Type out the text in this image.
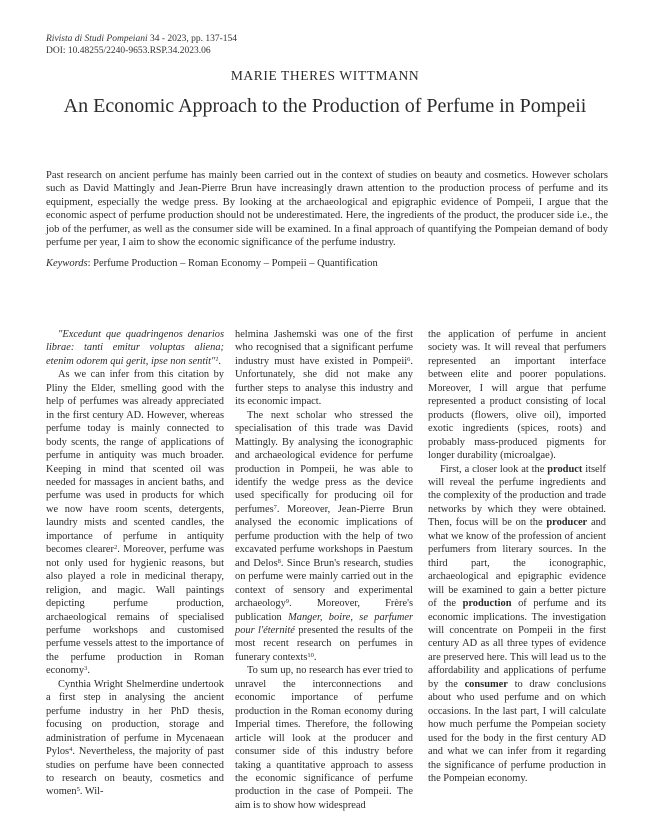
Rivista di Studi Pompeiani 34 - 2023, pp. 137-154
DOI: 10.48255/2240-9653.RSP.34.2023.06
MARIE THERES WITTMANN
An Economic Approach to the Production of Perfume in Pompeii
Past research on ancient perfume has mainly been carried out in the context of studies on beauty and cosmetics. However scholars such as David Mattingly and Jean-Pierre Brun have increasingly drawn attention to the production process of perfume and its equipment, especially the wedge press. By looking at the archaeological and epigraphic evidence of Pompeii, I argue that the economic aspect of perfume production should not be underestimated. Here, the ingredients of the product, the producer side i.e., the job of the perfumer, as well as the consumer side will be examined. In a final approach of quantifying the Pompeian demand of body perfume per year, I aim to show the economic significance of the perfume industry.
Keywords: Perfume Production – Roman Economy – Pompeii – Quantification

"Excedunt que quadringenos denarios librae: tanti emitur voluptas aliena; etenim odorem qui gerit, ipse non sentit"$^1$.

As we can infer from this citation by Pliny the Elder, smelling good with the help of perfumes was already appreciated in the first century AD. However, whereas perfume today is mainly connected to body scents, the range of applications of perfume in antiquity was much broader. Keeping in mind that scented oil was needed for massages in ancient baths, and perfume was used in products for which we now have room scents, detergents, laundry mists and scented candles, the importance of perfume in antiquity becomes clearer$^2$. Moreover, perfume was not only used for hygienic reasons, but also played a role in medicinal therapy, religion, and magic. Wall paintings depicting perfume production, archaeological remains of specialised perfume workshops and customised perfume vessels attest to the importance of the perfume production in Roman economy$^3$.

Cynthia Wright Shelmerdine undertook a first step in analysing the ancient perfume industry in her PhD thesis, focusing on production, storage and administration of perfume in Mycenaean Pylos$^4$. Nevertheless, the majority of past studies on perfume have been connected to research on beauty, cosmetics and women$^5$. Wil-

helmina Jashemski was one of the first who recognised that a significant perfume industry must have existed in Pompeii$^6$. Unfortunately, she did not make any further steps to analyse this industry and its economic impact.

The next scholar who stressed the specialisation of this trade was David Mattingly. By analysing the iconographic and archaeological evidence for perfume production in Pompeii, he was able to identify the wedge press as the device used specifically for producing oil for perfumes$^7$. Moreover, Jean-Pierre Brun analysed the economic implications of perfume production with the help of two excavated perfume workshops in Paestum and Delos$^8$. Since Brun's research, studies on perfume were mainly carried out in the context of sensory and experimental archaeology$^9$. Moreover, Frère's publication Manger, boire, se parfumer pour l'éternité presented the results of the most recent research on perfumes in funerary contexts$^{10}$.

To sum up, no research has ever tried to unravel the interconnections and economic importance of perfume production in the Roman economy during Imperial times. Therefore, the following article will look at the producer and consumer side of this industry before taking a quantitative approach to assess the economic significance of perfume production in the case of Pompeii. The aim is to show how widespread

the application of perfume in ancient society was. It will reveal that perfumers represented an important interface between elite and poorer populations. Moreover, I will argue that perfume represented a product consisting of local products (flowers, olive oil), imported exotic ingredients (spices, roots) and probably mass-produced pigments for longer durability (microalgae).

First, a closer look at the product itself will reveal the perfume ingredients and the complexity of the production and trade networks by which they were obtained. Then, focus will be on the producer and what we know of the profession of ancient perfumers from literary sources. In the third part, the iconographic, archaeological and epigraphic evidence will be examined to gain a better picture of the production of perfume and its economic implications. The investigation will concentrate on Pompeii in the first century AD as all three types of evidence are preserved here. This will lead us to the affordability and applications of perfume by the consumer to draw conclusions about who used perfume and on which occasions. In the last part, I will calculate how much perfume the Pompeian society used for the body in the first century AD and what we can infer from it regarding the significance of perfume production in the Pompeian economy.
